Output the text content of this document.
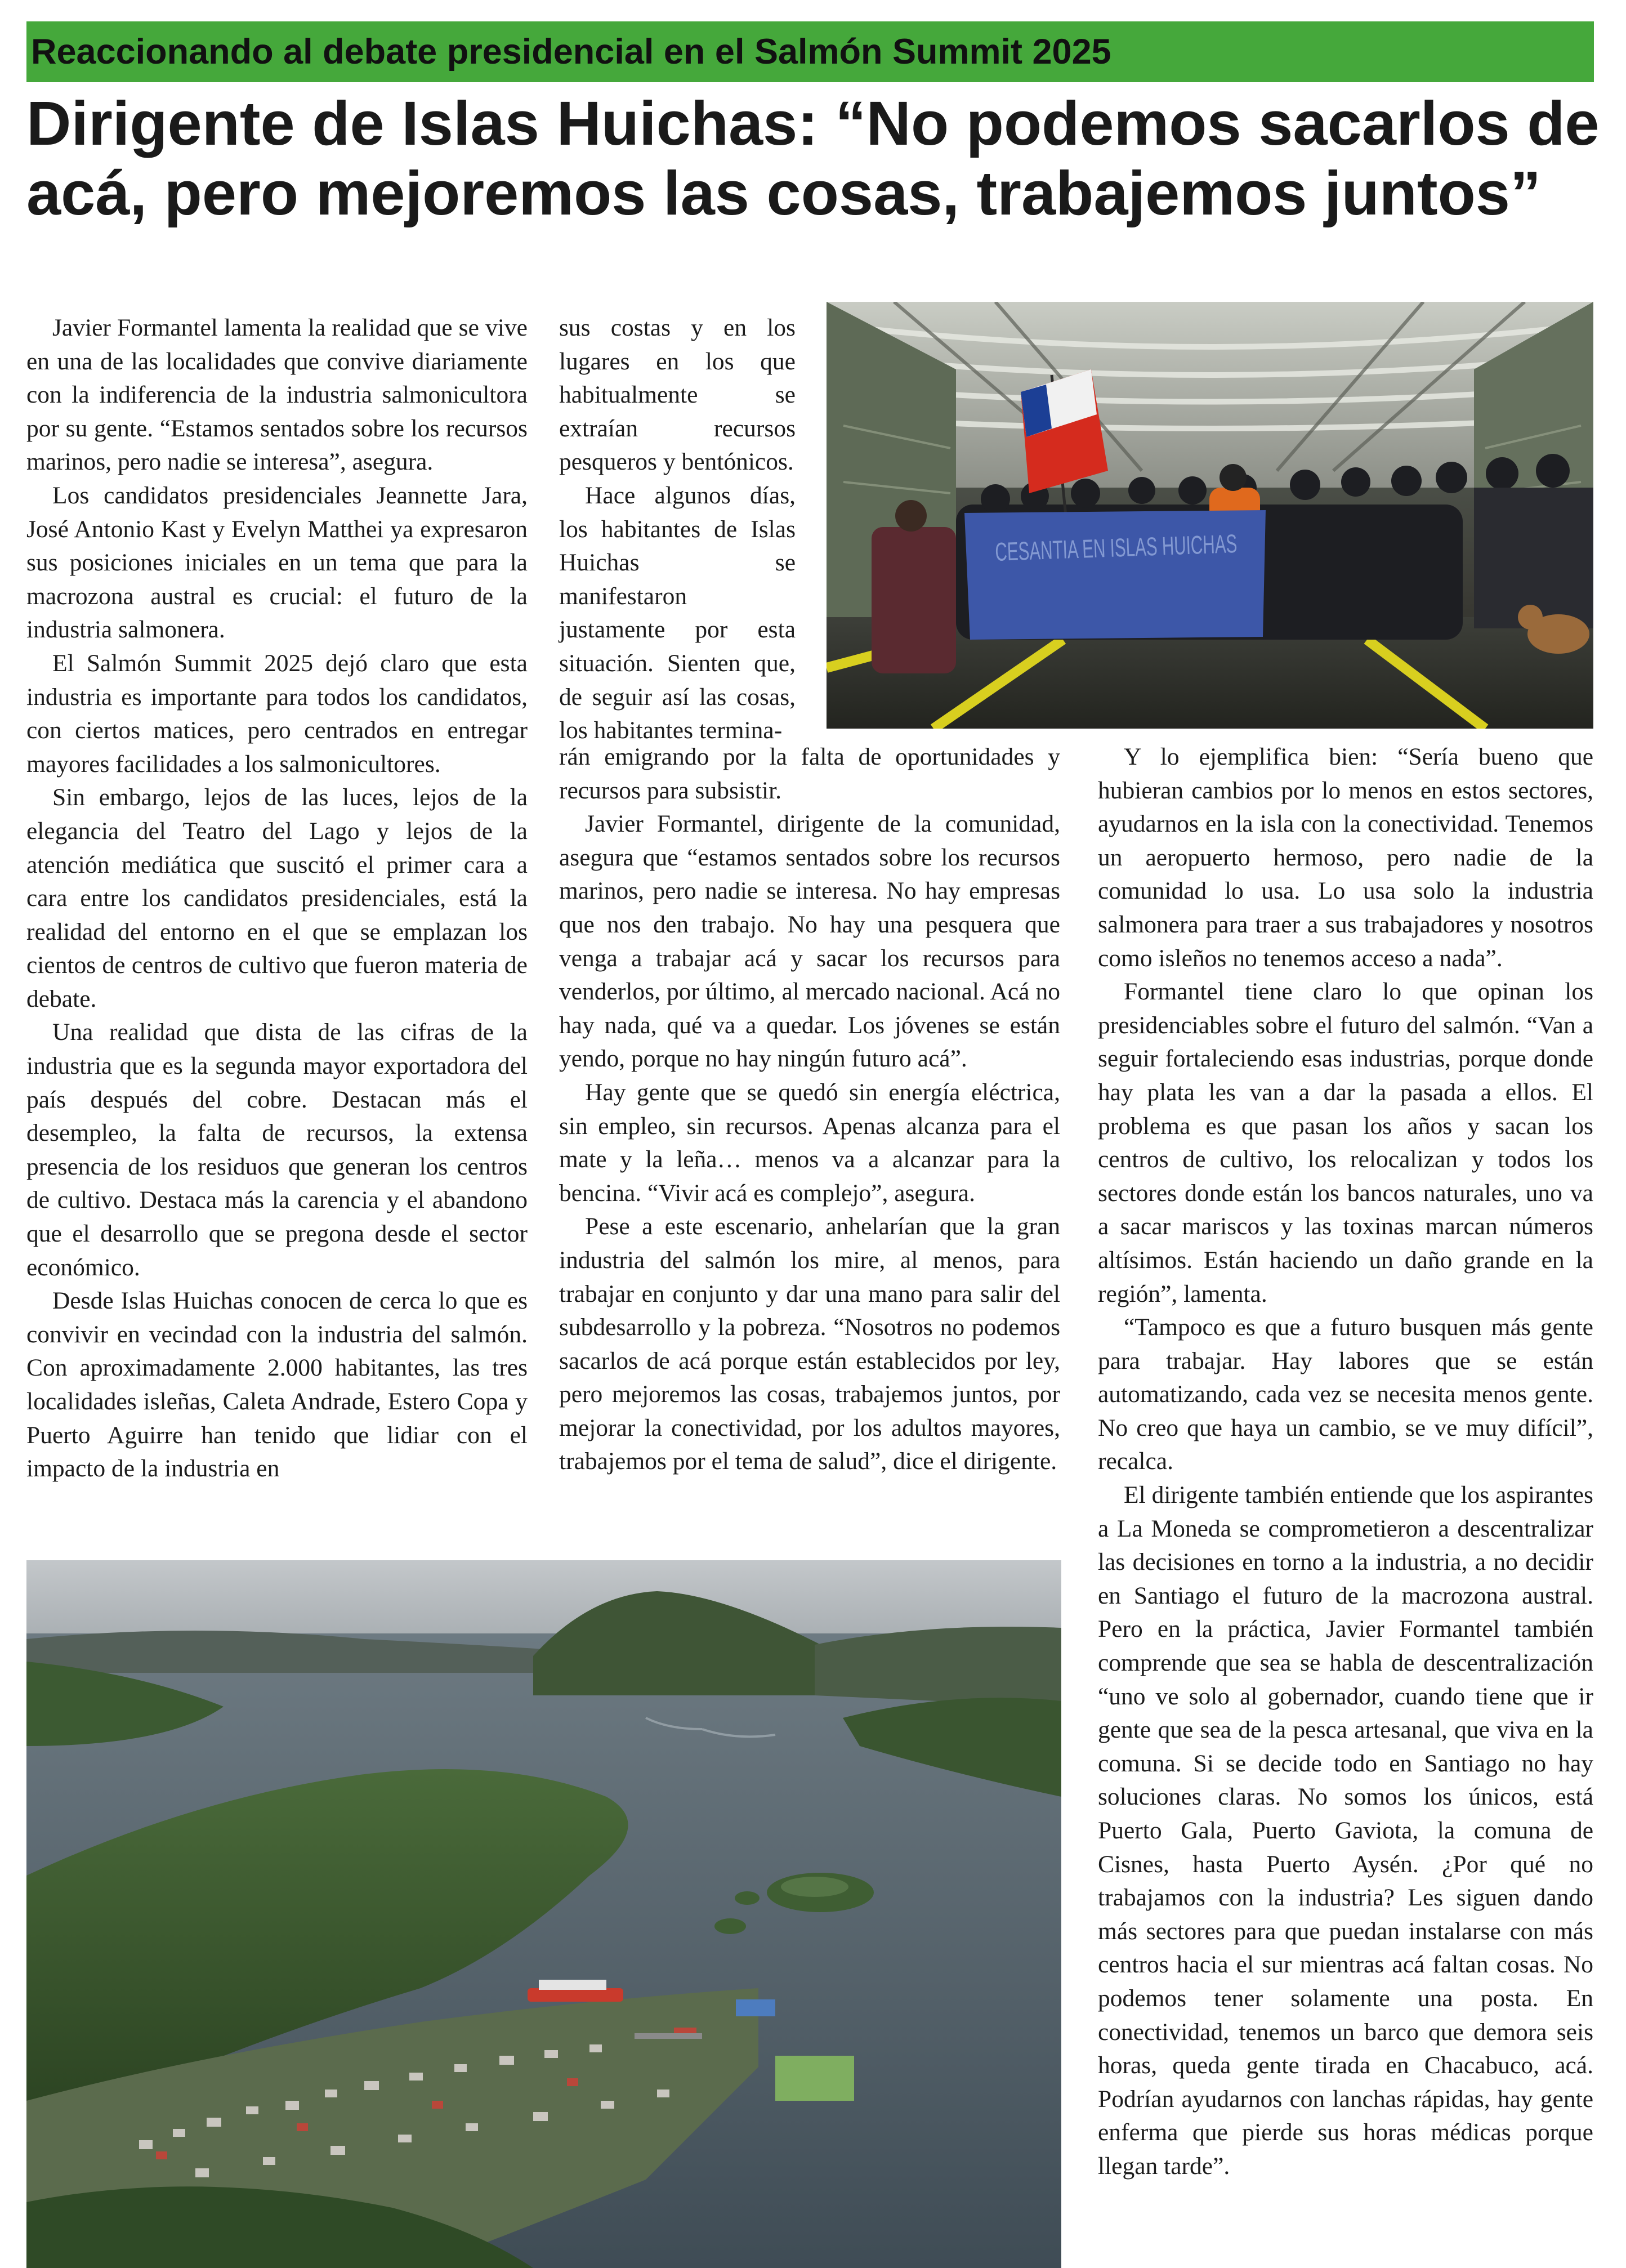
Reaccionando al debate presidencial en el Salmón Summit 2025
Dirigente de Islas Huichas: “No podemos sacarlos de acá, pero mejoremos las cosas, trabajemos juntos”

Javier Formantel lamenta la realidad que se vive en una de las localidades que convive diariamente con la indiferencia de la industria salmonicultora por su gente. “Estamos sentados sobre los recursos marinos, pero nadie se interesa”, asegura.

Los candidatos presidenciales Jeannette Jara, José Antonio Kast y Evelyn Matthei ya expresaron sus posiciones iniciales en un tema que para la macrozona austral es crucial: el futuro de la industria salmonera.

El Salmón Summit 2025 dejó claro que esta industria es importante para todos los candidatos, con ciertos matices, pero centrados en entregar mayores facilidades a los salmonicultores.

Sin embargo, lejos de las luces, lejos de la elegancia del Teatro del Lago y lejos de la atención mediática que suscitó el primer cara a cara entre los candidatos presidenciales, está la realidad del entorno en el que se emplazan los cientos de centros de cultivo que fueron materia de debate.

Una realidad que dista de las cifras de la industria que es la segunda mayor exportadora del país después del cobre. Destacan más el desempleo, la falta de recursos, la extensa presencia de los residuos que generan los centros de cultivo. Destaca más la carencia y el abandono que el desarrollo que se pregona desde el sector económico.

Desde Islas Huichas conocen de cerca lo que es convivir en vecindad con la industria del salmón. Con aproximadamente 2.000 habitantes, las tres localidades isleñas, Caleta Andrade, Estero Copa y Puerto Aguirre han tenido que lidiar con el impacto de la industria en

sus costas y en los lugares en los que habitualmente se extraían recursos pesqueros y bentónicos.

Hace algunos días, los habitantes de Islas Huichas se manifestaron justamente por esta situación. Sienten que, de seguir así las cosas, los habitantes termina-

CESANTIA EN ISLAS HUICHAS

rán emigrando por la falta de oportunidades y recursos para subsistir.

Javier Formantel, dirigente de la comunidad, asegura que “estamos sentados sobre los recursos marinos, pero nadie se interesa. No hay empresas que nos den trabajo. No hay una pesquera que venga a trabajar acá y sacar los recursos para venderlos, por último, al mercado nacional. Acá no hay nada, qué va a quedar. Los jóvenes se están yendo, porque no hay ningún futuro acá”.

Hay gente que se quedó sin energía eléctrica, sin empleo, sin recursos. Apenas alcanza para el mate y la leña… menos va a alcanzar para la bencina. “Vivir acá es complejo”, asegura.

Pese a este escenario, anhelarían que la gran industria del salmón los mire, al menos, para trabajar en conjunto y dar una mano para salir del subdesarrollo y la pobreza. “Nosotros no podemos sacarlos de acá porque están establecidos por ley, pero mejoremos las cosas, trabajemos juntos, por mejorar la conectividad, por los adultos mayores, trabajemos por el tema de salud”, dice el dirigente.

Y lo ejemplifica bien: “Sería bueno que hubieran cambios por lo menos en estos sectores, ayudarnos en la isla con la conectividad. Tenemos un aeropuerto hermoso, pero nadie de la comunidad lo usa. Lo usa solo la industria salmonera para traer a sus trabajadores y nosotros como isleños no tenemos acceso a nada”.

Formantel tiene claro lo que opinan los presidenciables sobre el futuro del salmón. “Van a seguir fortaleciendo esas industrias, porque donde hay plata les van a dar la pasada a ellos. El problema es que pasan los años y sacan los centros de cultivo, los relocalizan y todos los sectores donde están los bancos naturales, uno va a sacar mariscos y las toxinas marcan números altísimos. Están haciendo un daño grande en la región”, lamenta.

“Tampoco es que a futuro busquen más gente para trabajar. Hay labores que se están automatizando, cada vez se necesita menos gente. No creo que haya un cambio, se ve muy difícil”, recalca.

El dirigente también entiende que los aspirantes a La Moneda se comprometieron a descentralizar las decisiones en torno a la industria, a no decidir en Santiago el futuro de la macrozona austral. Pero en la práctica, Javier Formantel también comprende que sea se habla de descentralización “uno ve solo al gobernador, cuando tiene que ir gente que sea de la pesca artesanal, que viva en la comuna. Si se decide todo en Santiago no hay soluciones claras. No somos los únicos, está Puerto Gala, Puerto Gaviota, la comuna de Cisnes, hasta Puerto Aysén. ¿Por qué no trabajamos con la industria? Les siguen dando más sectores para que puedan instalarse con más centros hacia el sur mientras acá faltan cosas. No podemos tener solamente una posta. En conectividad, tenemos un barco que demora seis horas, queda gente tirada en Chacabuco, acá. Podrían ayudarnos con lanchas rápidas, hay gente enferma que pierde sus horas médicas porque llegan tarde”.
